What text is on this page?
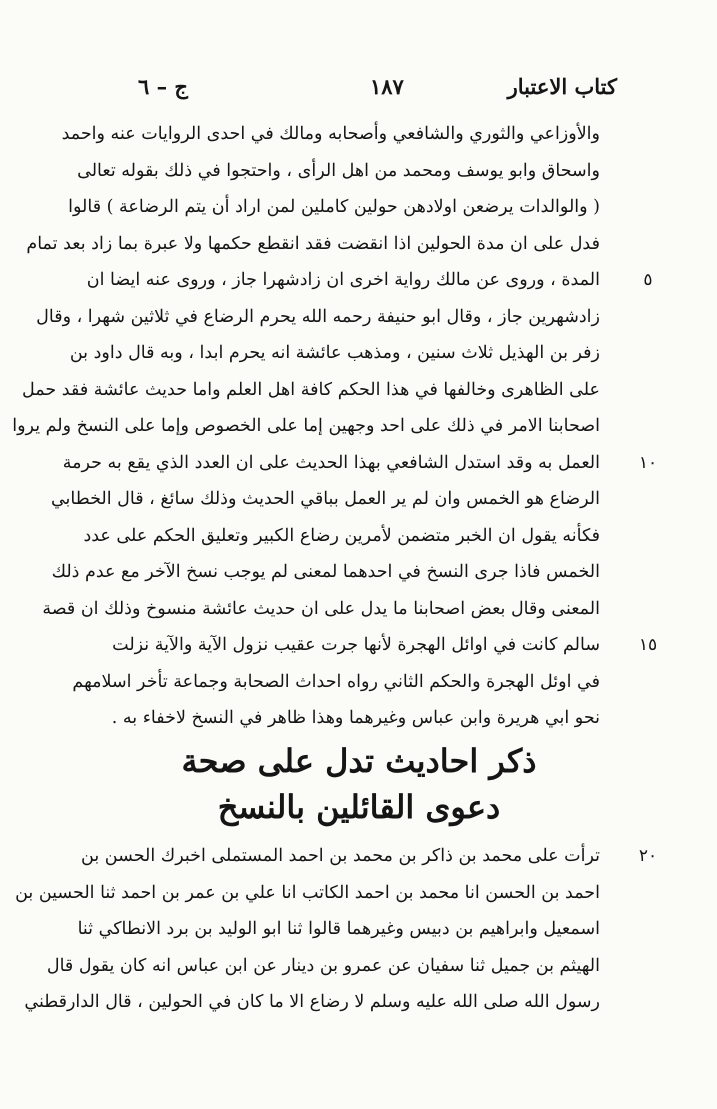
كتاب الاعتبار
١٨٧
ج – ٦
والأوزاعي والثوري والشافعي وأصحابه ومالك في احدى الروايات عنه واحمد
واسحاق وابو يوسف ومحمد من اهل الرأى ، واحتجوا في ذلك بقوله تعالى
( والوالدات يرضعن اولادهن حولين كاملين لمن اراد أن يتم الرضاعة ) قالوا
فدل على ان مدة الحولين اذا انقضت فقد انقطع حكمها ولا عبرة بما زاد بعد تمام
المدة ، وروى عن مالك رواية اخرى ان زادشهرا جاز ، وروى عنه ايضا ان
زادشهرين جاز ، وقال ابو حنيفة رحمه الله يحرم الرضاع في ثلاثين شهرا ، وقال
زفر بن الهذيل ثلاث سنين ، ومذهب عائشة انه يحرم ابدا ، وبه قال داود بن
على الظاهرى وخالفها في هذا الحكم كافة اهل العلم واما حديث عائشة فقد حمل
اصحابنا الامر في ذلك على احد وجهين إما على الخصوص وإما على النسخ ولم يروا
العمل به وقد استدل الشافعي بهذا الحديث على ان العدد الذي يقع به حرمة
الرضاع هو الخمس وان لم ير العمل بباقي الحديث وذلك سائغ ، قال الخطابي
فكأنه يقول ان الخبر متضمن لأمرين رضاع الكبير وتعليق الحكم على عدد
الخمس فاذا جرى النسخ في احدهما لمعنى لم يوجب نسخ الآخر مع عدم ذلك
المعنى وقال بعض اصحابنا ما يدل على ان حديث عائشة منسوخ وذلك ان قصة
سالم كانت في اوائل الهجرة لأنها جرت عقيب نزول الآية والآية نزلت
في اوئل الهجرة والحكم الثاني رواه احداث الصحابة وجماعة تأخر اسلامهم
نحو ابي هريرة وابن عباس وغيرهما وهذا ظاهر في النسخ لاخفاء به .
ذكر احاديث تدل على صحة
دعوى القائلين بالنسخ
ترأت على محمد بن ذاكر بن محمد بن احمد المستملى اخبرك الحسن بن
احمد بن الحسن انا محمد بن احمد الكاتب انا علي بن عمر بن احمد ثنا الحسين بن
اسمعيل وابراهيم بن دبيس وغيرهما قالوا ثنا ابو الوليد بن برد الانطاكي ثنا
الهيثم بن جميل ثنا سفيان عن عمرو بن دينار عن ابن عباس انه كان يقول قال
رسول الله صلى الله عليه وسلم لا رضاع الا ما كان في الحولين ، قال الدارقطني
٥
١٠
١٥
٢٠
